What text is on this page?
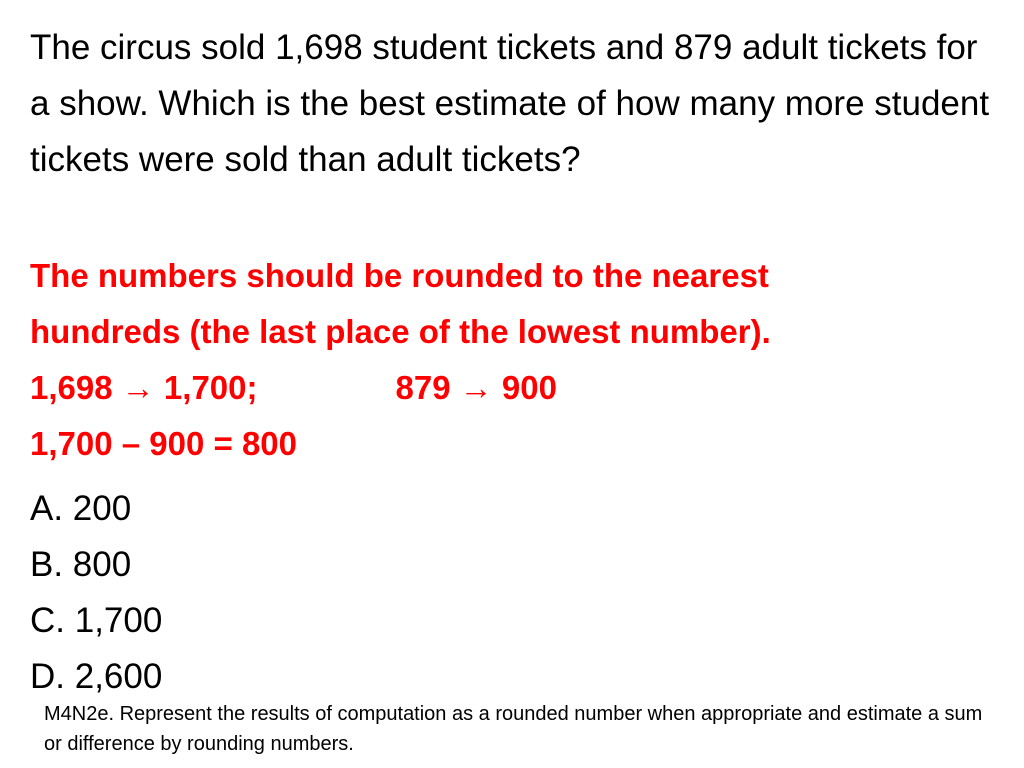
The circus sold 1,698 student tickets and 879 adult tickets for a show. Which is the best estimate of how many more student tickets were sold than adult tickets?

The numbers should be rounded to the nearest
hundreds (the last place of the lowest number).
1,698 → 1,700;	879 → 900
1,700 – 900 = 800
A. 200
B. 800
C. 1,700
D. 2,600

M4N2e. Represent the results of computation as a rounded number when appropriate and estimate a sum or difference by rounding numbers.
